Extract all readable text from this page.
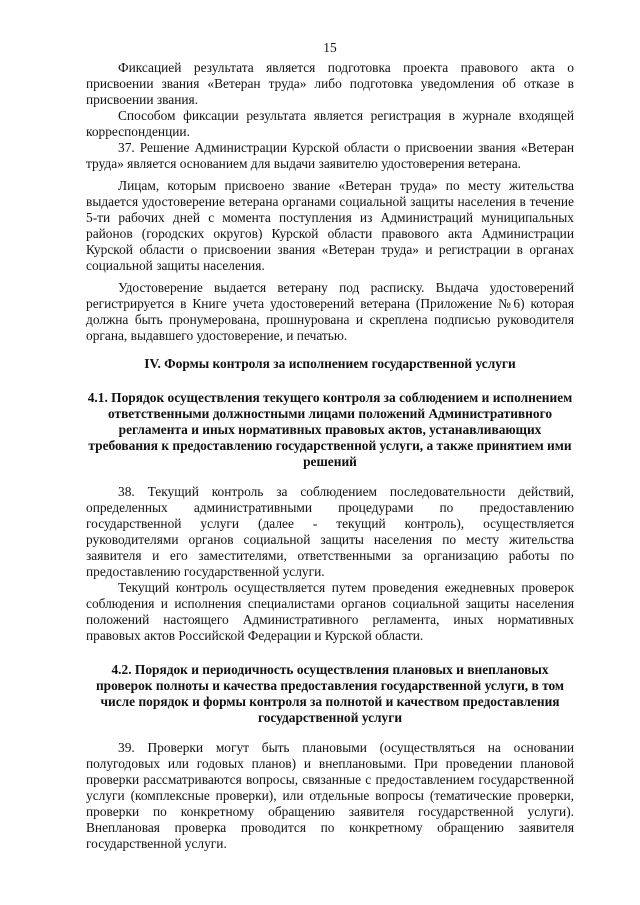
15

Фиксацией результата является подготовка проекта правового акта о присвоении звания «Ветеран труда» либо подготовка уведомления об отказе в присвоении звания.

Способом фиксации результата является регистрация в журнале входящей корреспонденции.

37. Решение Администрации Курской области о присвоении звания «Ветеран труда» является основанием для выдачи заявителю удостоверения ветерана.

Лицам, которым присвоено звание «Ветеран труда» по месту жительства выдается удостоверение ветерана органами социальной защиты населения в течение 5-ти рабочих дней с момента поступления из Администраций муниципальных районов (городских округов) Курской области правового акта Администрации Курской области о присвоении звания «Ветеран труда» и регистрации в органах социальной защиты населения.

Удостоверение выдается ветерану под расписку. Выдача удостоверений регистрируется в Книге учета удостоверений ветерана (Приложение №6) которая должна быть пронумерована, прошнурована и скреплена подписью руководителя органа, выдавшего удостоверение, и печатью.

IV. Формы контроля за исполнением государственной услуги

4.1. Порядок осуществления текущего контроля за соблюдением и исполнением ответственными должностными лицами положений Административного регламента и иных нормативных правовых актов, устанавливающих требования к предоставлению государственной услуги, а также принятием ими решений

38. Текущий контроль за соблюдением последовательности действий, определенных административными процедурами по предоставлению государственной услуги (далее - текущий контроль), осуществляется руководителями органов социальной защиты населения по месту жительства заявителя и его заместителями, ответственными за организацию работы по предоставлению государственной услуги.

Текущий контроль осуществляется путем проведения ежедневных проверок соблюдения и исполнения специалистами органов социальной защиты населения положений настоящего Административного регламента, иных нормативных правовых актов Российской Федерации и Курской области.

4.2. Порядок и периодичность осуществления плановых и внеплановых проверок полноты и качества предоставления государственной услуги, в том числе порядок и формы контроля за полнотой и качеством предоставления государственной услуги

39. Проверки могут быть плановыми (осуществляться на основании полугодовых или годовых планов) и внеплановыми. При проведении плановой проверки рассматриваются вопросы, связанные с предоставлением государственной услуги (комплексные проверки), или отдельные вопросы (тематические проверки, проверки по конкретному обращению заявителя государственной услуги). Внеплановая проверка проводится по конкретному обращению заявителя государственной услуги.
